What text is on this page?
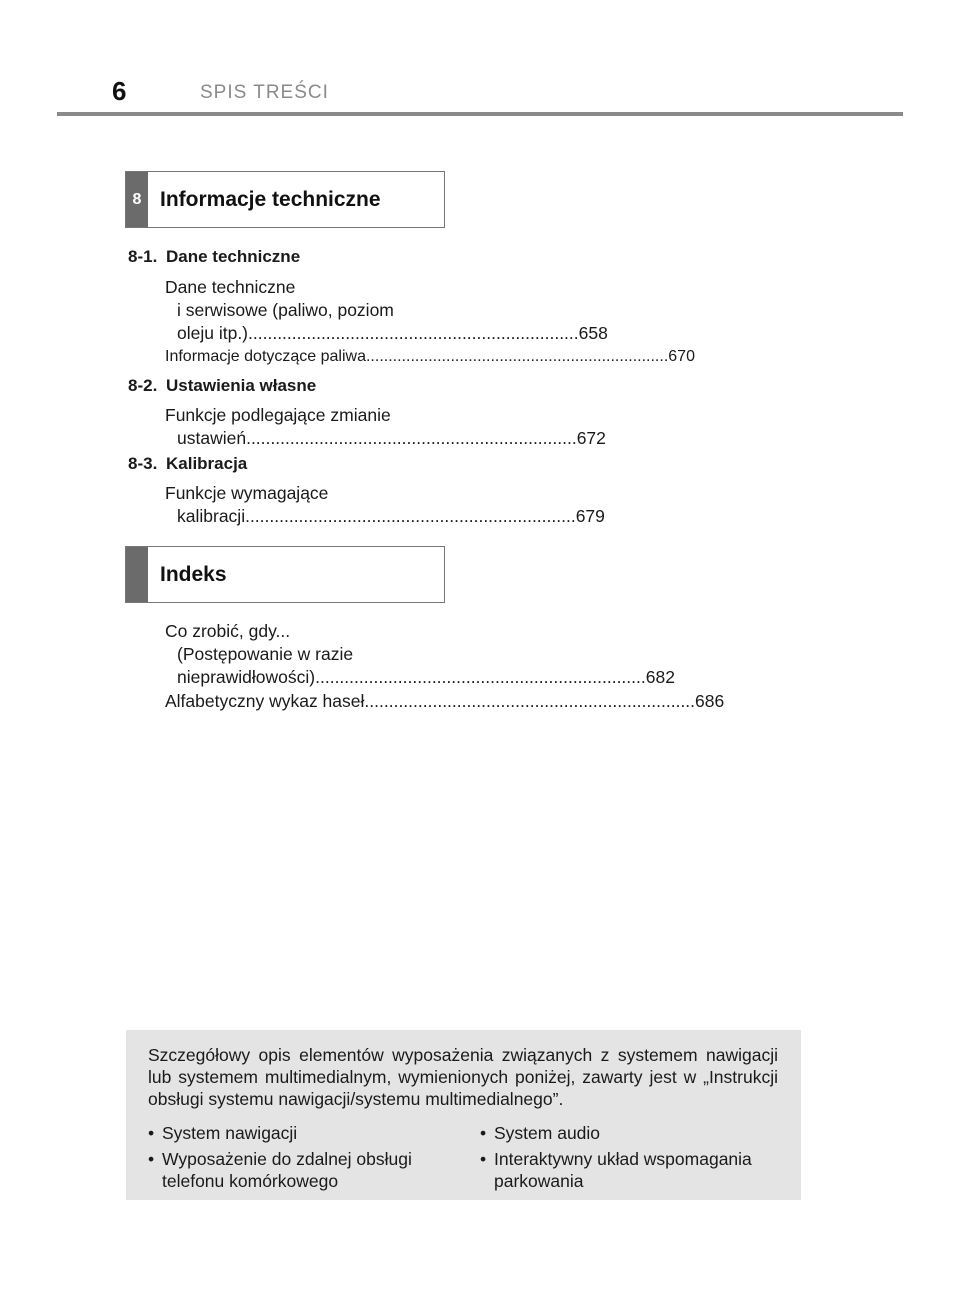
6	SPIS TREŚCI
8 Informacje techniczne
8-1. Dane techniczne
Dane techniczne
i serwisowe (paliwo, poziom
oleju itp.) .................................................................... 658
Informacje dotyczące paliwa .................................................................... 670
8-2. Ustawienia własne
Funkcje podlegające zmianie
ustawień .................................................................... 672
8-3. Kalibracja
Funkcje wymagające
kalibracji .................................................................... 679
Indeks
Co zrobić, gdy...
(Postępowanie w razie
nieprawidłowości) .................................................................... 682
Alfabetyczny wykaz haseł .................................................................... 686
Szczegółowy opis elementów wyposażenia związanych z systemem nawigacji lub systemem multimedialnym, wymienionych poniżej, zawarty jest w „Instrukcji obsługi systemu nawigacji/systemu multimedialnego”.
• System nawigacji
• Wyposażenie do zdalnej obsługi telefonu komórkowego
• System audio
• Interaktywny układ wspomagania parkowania
